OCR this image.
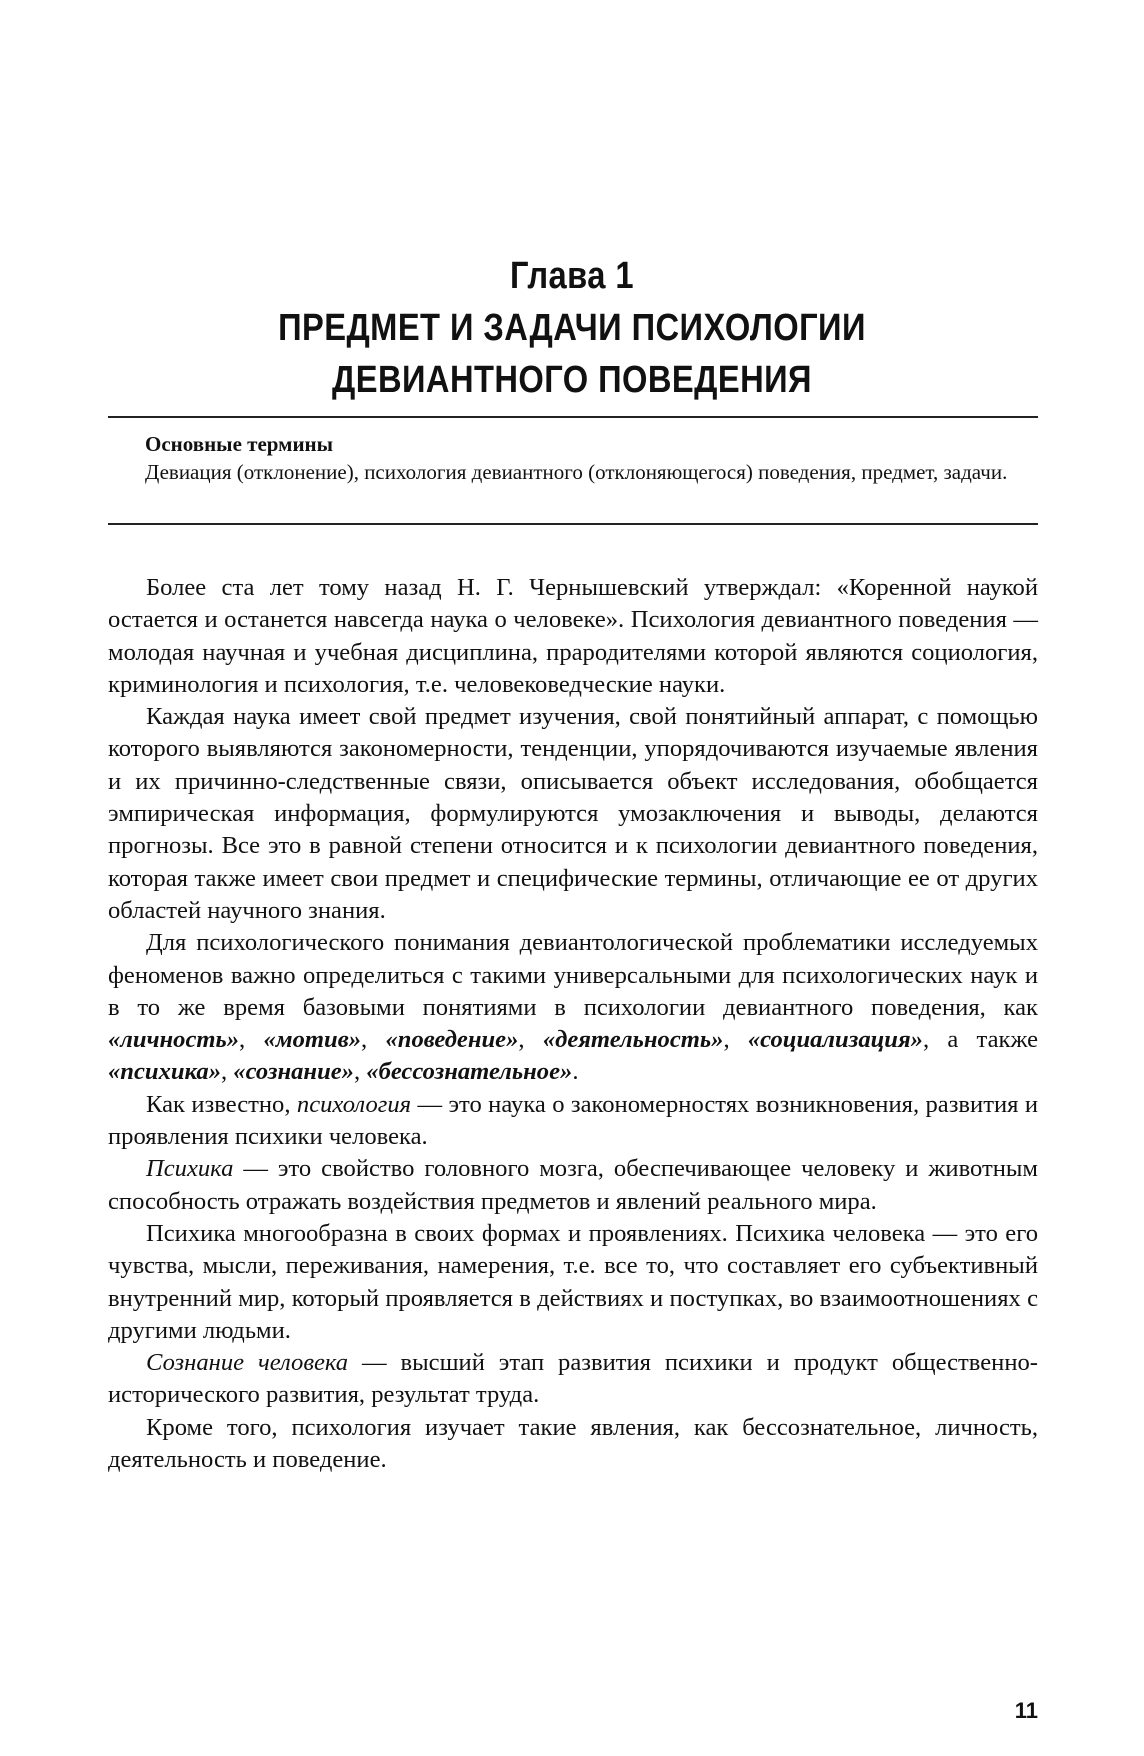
Глава 1
ПРЕДМЕТ И ЗАДАЧИ ПСИХОЛОГИИ
ДЕВИАНТНОГО ПОВЕДЕНИЯ

Основные термины

Девиация (отклонение), психология девиантного (отклоняющегося) поведения, предмет, задачи.

Более ста лет тому назад Н. Г. Чернышевский утверждал: «Коренной наукой остается и останется навсегда наука о человеке». Психология девиантного поведения — молодая научная и учебная дисциплина, прародителями которой являются социология, криминология и психология, т.е. человековедческие науки.

Каждая наука имеет свой предмет изучения, свой понятийный аппарат, с помощью которого выявляются закономерности, тенденции, упорядочиваются изучаемые явления и их причинно-следственные связи, описывается объект исследования, обобщается эмпирическая информация, формулируются умозаключения и выводы, делаются прогнозы. Все это в равной степени относится и к психологии девиантного поведения, которая также имеет свои предмет и специфические термины, отличающие ее от других областей научного знания.

Для психологического понимания девиантологической проблематики исследуемых феноменов важно определиться с такими универсальными для психологических наук и в то же время базовыми понятиями в психологии девиантного поведения, как «личность», «мотив», «поведение», «деятельность», «социализация», а также «психика», «сознание», «бессознательное».

Как известно, психология — это наука о закономерностях возникновения, развития и проявления психики человека.

Психика — это свойство головного мозга, обеспечивающее человеку и животным способность отражать воздействия предметов и явлений реального мира.

Психика многообразна в своих формах и проявлениях. Психика человека — это его чувства, мысли, переживания, намерения, т.е. все то, что составляет его субъективный внутренний мир, который проявляется в действиях и поступках, во взаимоотношениях с другими людьми.

Сознание человека — высший этап развития психики и продукт общественно-исторического развития, результат труда.

Кроме того, психология изучает такие явления, как бессознательное, личность, деятельность и поведение.

11
